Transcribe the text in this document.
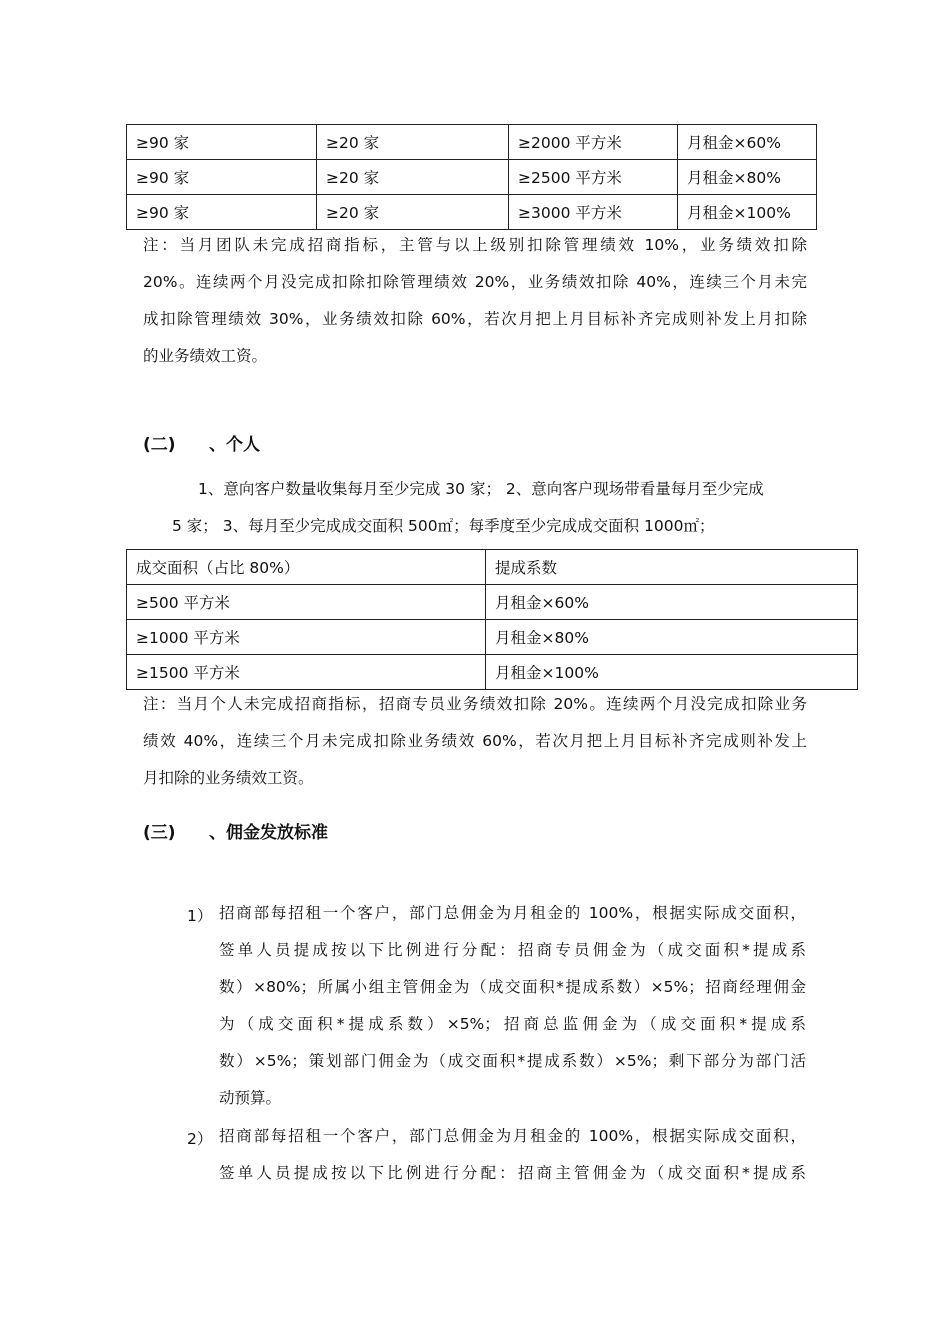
≥90 家	≥20 家	≥2000 平方米	月租金×60%
≥90 家	≥20 家	≥2500 平方米	月租金×80%
≥90 家	≥20 家	≥3000 平方米	月租金×100%
注：当月团队未完成招商指标，主管与以上级别扣除管理绩效 10%，业务绩效扣除
20%。连续两个月没完成扣除扣除管理绩效 20%，业务绩效扣除 40%，连续三个月未完
成扣除管理绩效 30%，业务绩效扣除 60%，若次月把上月目标补齐完成则补发上月扣除
的业务绩效工资。
(二) 、个人
1、意向客户数量收集每月至少完成 30 家； 2、意向客户现场带看量每月至少完成
5 家； 3、每月至少完成成交面积 500㎡；每季度至少完成成交面积 1000㎡；
成交面积（占比 80%）	提成系数
≥500 平方米	月租金×60%
≥1000 平方米	月租金×80%
≥1500 平方米	月租金×100%
注：当月个人未完成招商指标，招商专员业务绩效扣除 20%。连续两个月没完成扣除业务
绩效 40%，连续三个月未完成扣除业务绩效 60%，若次月把上月目标补齐完成则补发上
月扣除的业务绩效工资。
(三) 、佣金发放标准
1） 招商部每招租一个客户，部门总佣金为月租金的 100%，根据实际成交面积，
签单人员提成按以下比例进行分配：招商专员佣金为（成交面积*提成系
数）×80%；所属小组主管佣金为（成交面积*提成系数）×5%；招商经理佣金
为（成交面积*提成系数）×5%；招商总监佣金为（成交面积*提成系
数）×5%；策划部门佣金为（成交面积*提成系数）×5%；剩下部分为部门活
动预算。
2） 招商部每招租一个客户，部门总佣金为月租金的 100%，根据实际成交面积，
签单人员提成按以下比例进行分配：招商主管佣金为（成交面积*提成系
